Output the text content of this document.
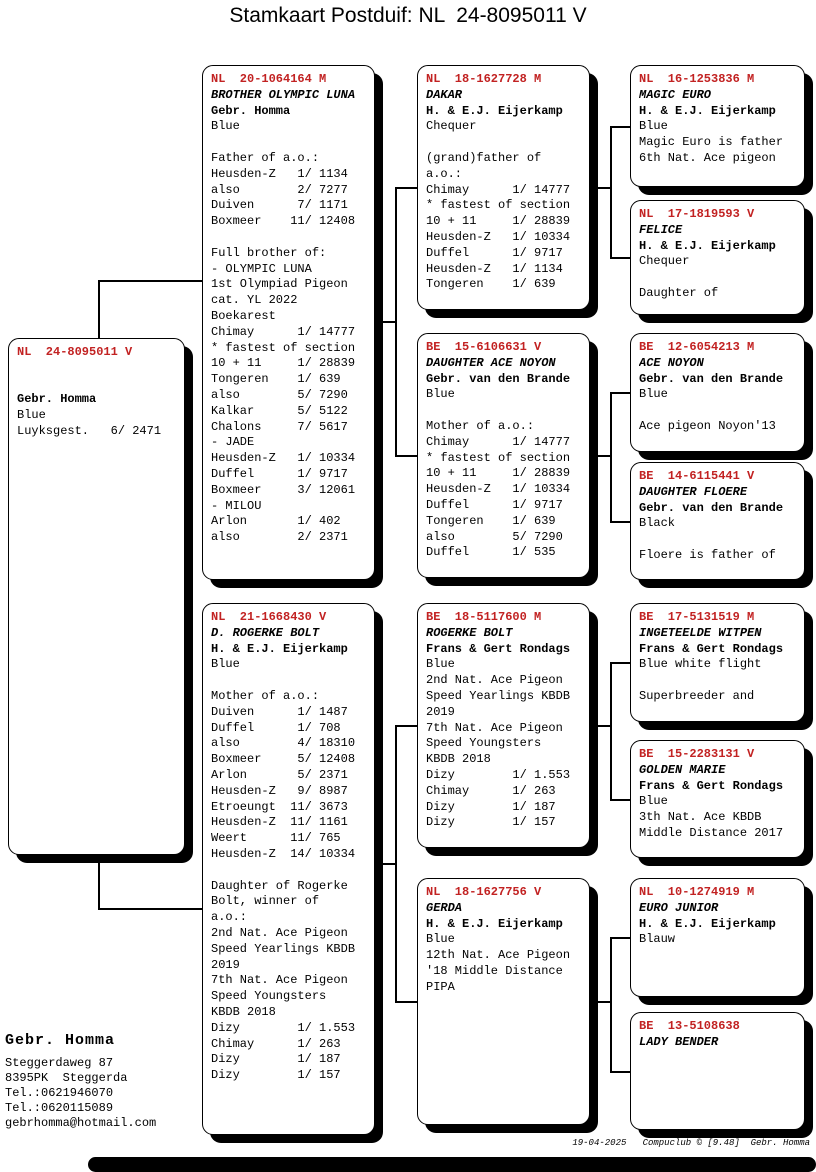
Stamkaart Postduif: NL  24-8095011 V
NL  24-8095011 V
Gebr. Homma
Blue
Luyksgest.   6/ 2471
NL  20-1064164 M
BROTHER OLYMPIC LUNA
Gebr. Homma
Blue
Father of a.o.:
Heusden-Z   1/ 1134
also        2/ 7277
Duiven      7/ 1171
Boxmeer    11/ 12408
Full brother of:
- OLYMPIC LUNA
1st Olympiad Pigeon
cat. YL 2022
Boekarest
Chimay      1/ 14777
* fastest of section
10 + 11     1/ 28839
Tongeren    1/ 639
also        5/ 7290
Kalkar      5/ 5122
Chalons     7/ 5617
- JADE
Heusden-Z   1/ 10334
Duffel      1/ 9717
Boxmeer     3/ 12061
- MILOU
Arlon       1/ 402
also        2/ 2371
NL  21-1668430 V
D. ROGERKE BOLT
H. & E.J. Eijerkamp
Blue
Mother of a.o.:
Duiven      1/ 1487
Duffel      1/ 708
also        4/ 18310
Boxmeer     5/ 12408
Arlon       5/ 2371
Heusden-Z   9/ 8987
Etroeungt  11/ 3673
Heusden-Z  11/ 1161
Weert      11/ 765
Heusden-Z  14/ 10334
Daughter of Rogerke
Bolt, winner of
a.o.:
2nd Nat. Ace Pigeon
Speed Yearlings KBDB
2019
7th Nat. Ace Pigeon
Speed Youngsters
KBDB 2018
Dizy        1/ 1.553
Chimay      1/ 263
Dizy        1/ 187
Dizy        1/ 157
NL  18-1627728 M
DAKAR
H. & E.J. Eijerkamp
Chequer
(grand)father of
a.o.:
Chimay      1/ 14777
* fastest of section
10 + 11     1/ 28839
Heusden-Z   1/ 10334
Duffel      1/ 9717
Heusden-Z   1/ 1134
Tongeren    1/ 639
BE  15-6106631 V
DAUGHTER ACE NOYON
Gebr. van den Brande
Blue
Mother of a.o.:
Chimay      1/ 14777
* fastest of section
10 + 11     1/ 28839
Heusden-Z   1/ 10334
Duffel      1/ 9717
Tongeren    1/ 639
also        5/ 7290
Duffel      1/ 535
BE  18-5117600 M
ROGERKE BOLT
Frans & Gert Rondags
Blue
2nd Nat. Ace Pigeon
Speed Yearlings KBDB
2019
7th Nat. Ace Pigeon
Speed Youngsters
KBDB 2018
Dizy        1/ 1.553
Chimay      1/ 263
Dizy        1/ 187
Dizy        1/ 157
NL  18-1627756 V
GERDA
H. & E.J. Eijerkamp
Blue
12th Nat. Ace Pigeon
'18 Middle Distance
PIPA
NL  16-1253836 M
MAGIC EURO
H. & E.J. Eijerkamp
Blue
Magic Euro is father
6th Nat. Ace pigeon
NL  17-1819593 V
FELICE
H. & E.J. Eijerkamp
Chequer
Daughter of
BE  12-6054213 M
ACE NOYON
Gebr. van den Brande
Blue
Ace pigeon Noyon'13
BE  14-6115441 V
DAUGHTER FLOERE
Gebr. van den Brande
Black
Floere is father of
BE  17-5131519 M
INGETEELDE WITPEN
Frans & Gert Rondags
Blue white flight
Superbreeder and
BE  15-2283131 V
GOLDEN MARIE
Frans & Gert Rondags
Blue
3th Nat. Ace KBDB
Middle Distance 2017
NL  10-1274919 M
EURO JUNIOR
H. & E.J. Eijerkamp
Blauw
BE  13-5108638
LADY BENDER
Gebr. Homma
Steggerdaweg 87
8395PK  Steggerda
Tel.:0621946070
Tel.:0620115089
gebrhomma@hotmail.com
19-04-2025   Compuclub © [9.48]  Gebr. Homma
